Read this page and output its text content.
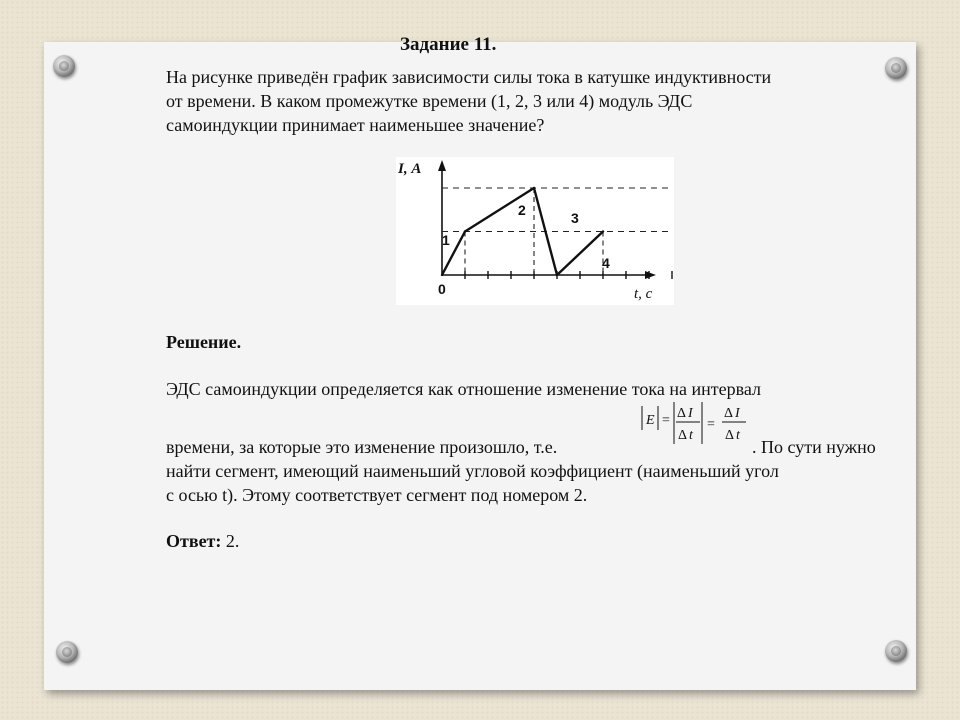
Задание 11.
На рисунке приведён график зависимости силы тока в катушке индуктивности
от времени. В каком промежутке времени (1, 2, 3 или 4) модуль ЭДС
самоиндукции принимает наименьшее значение?
I, А
t, с
0
1
2	3
4
Решение.
ЭДС самоиндукции определяется как отношение изменение тока на интервал
времени, за которые это изменение произошло, т.е.
E = Δ I
Δ t
=
Δ I
Δ t
. По сути нужно
найти сегмент, имеющий наименьший угловой коэффициент (наименьший угол
с осью t). Этому соответствует сегмент под номером 2.
Ответ: 2.
